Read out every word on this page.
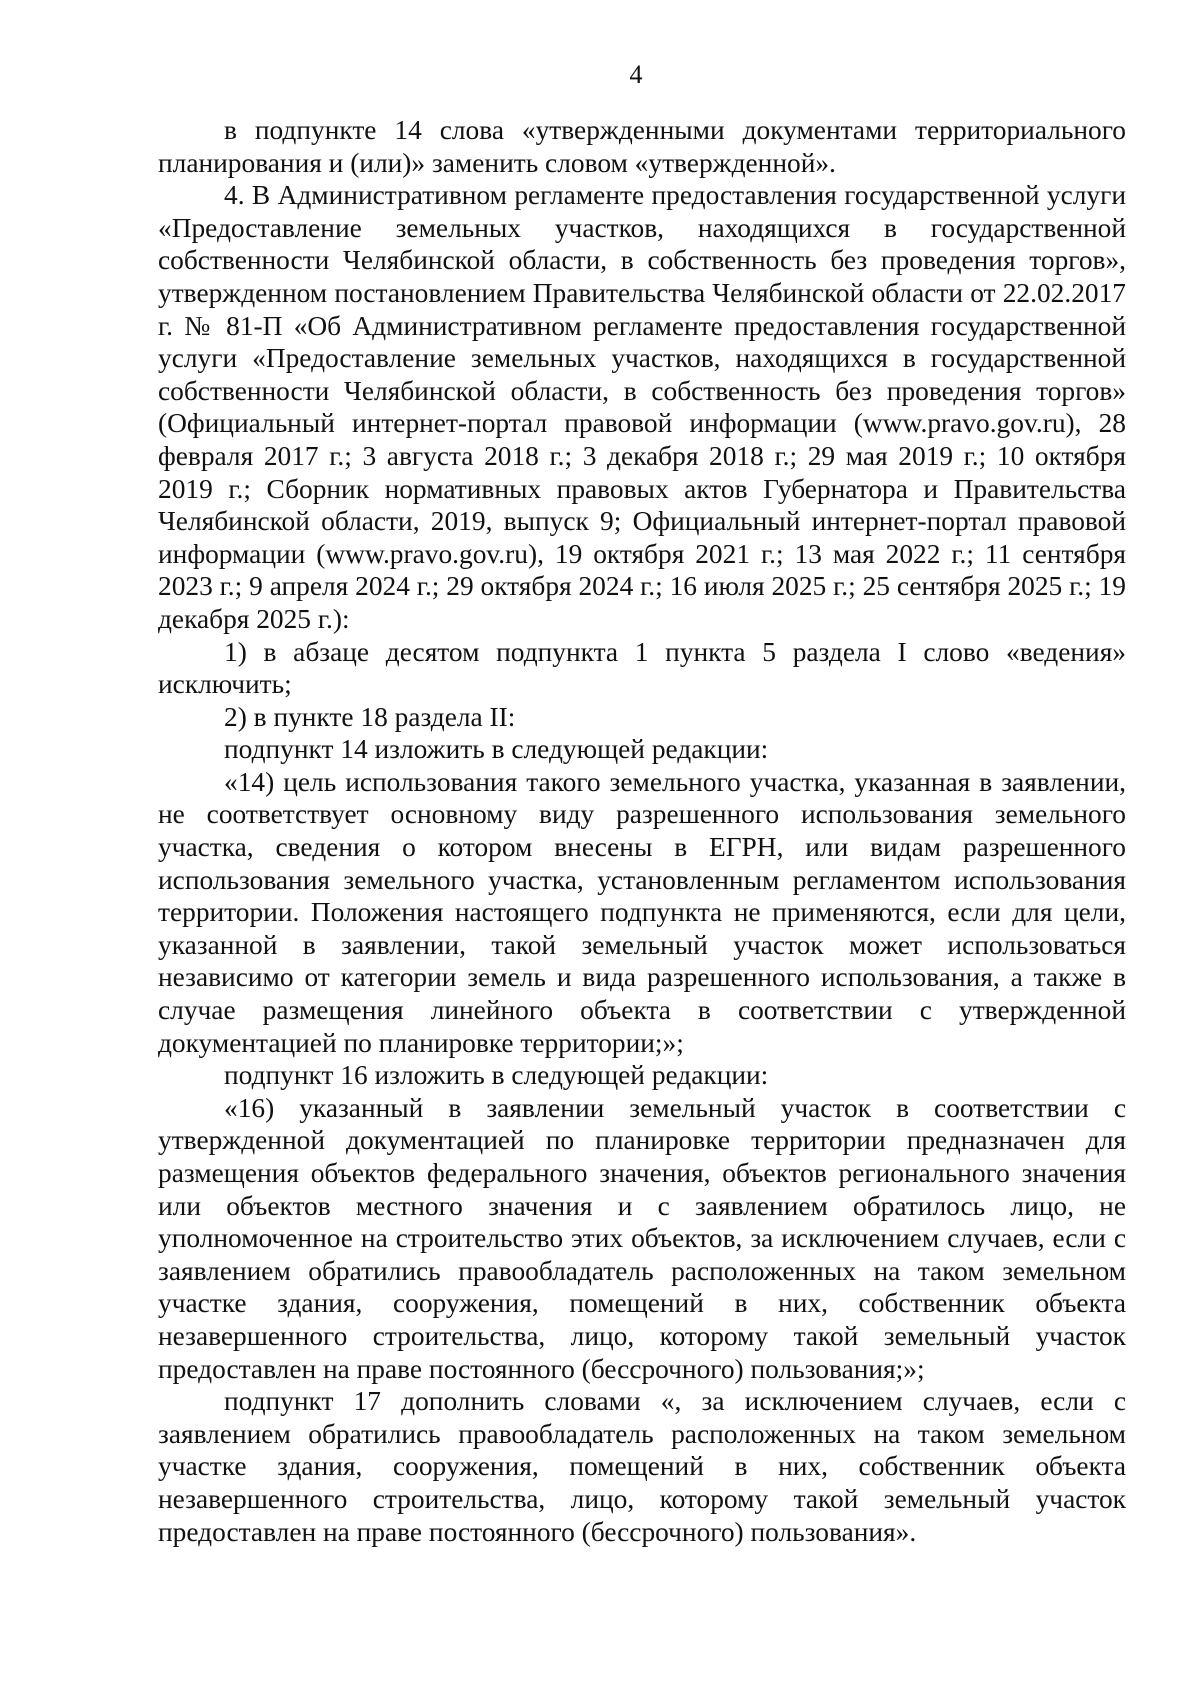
4

в подпункте 14 слова «утвержденными документами территориального планирования и (или)» заменить словом «утвержденной».

4. В Административном регламенте предоставления государственной услуги «Предоставление земельных участков, находящихся в государственной собственности Челябинской области, в собственность без проведения торгов», утвержденном постановлением Правительства Челябинской области от 22.02.2017 г. № 81-П «Об Административном регламенте предоставления государственной услуги «Предоставление земельных участков, находящихся в государственной собственности Челябинской области, в собственность без проведения торгов» (Официальный интернет-портал правовой информации (www.pravo.gov.ru), 28 февраля 2017 г.; 3 августа 2018 г.; 3 декабря 2018 г.; 29 мая 2019 г.; 10 октября 2019 г.; Сборник нормативных правовых актов Губернатора и Правительства Челябинской области, 2019, выпуск 9; Официальный интернет-портал правовой информации (www.pravo.gov.ru), 19 октября 2021 г.; 13 мая 2022 г.; 11 сентября 2023 г.; 9 апреля 2024 г.; 29 октября 2024 г.; 16 июля 2025 г.; 25 сентября 2025 г.; 19 декабря 2025 г.):

1) в абзаце десятом подпункта 1 пункта 5 раздела I слово «ведения» исключить;

2) в пункте 18 раздела II:

подпункт 14 изложить в следующей редакции:

«14) цель использования такого земельного участка, указанная в заявлении, не соответствует основному виду разрешенного использования земельного участка, сведения о котором внесены в ЕГРН, или видам разрешенного использования земельного участка, установленным регламентом использования территории. Положения настоящего подпункта не применяются, если для цели, указанной в заявлении, такой земельный участок может использоваться независимо от категории земель и вида разрешенного использования, а также в случае размещения линейного объекта в соответствии с утвержденной документацией по планировке территории;»;

подпункт 16 изложить в следующей редакции:

«16) указанный в заявлении земельный участок в соответствии с утвержденной документацией по планировке территории предназначен для размещения объектов федерального значения, объектов регионального значения или объектов местного значения и с заявлением обратилось лицо, не уполномоченное на строительство этих объектов, за исключением случаев, если с заявлением обратились правообладатель расположенных на таком земельном участке здания, сооружения, помещений в них, собственник объекта незавершенного строительства, лицо, которому такой земельный участок предоставлен на праве постоянного (бессрочного) пользования;»;

подпункт 17 дополнить словами «, за исключением случаев, если с заявлением обратились правообладатель расположенных на таком земельном участке здания, сооружения, помещений в них, собственник объекта незавершенного строительства, лицо, которому такой земельный участок предоставлен на праве постоянного (бессрочного) пользования».
